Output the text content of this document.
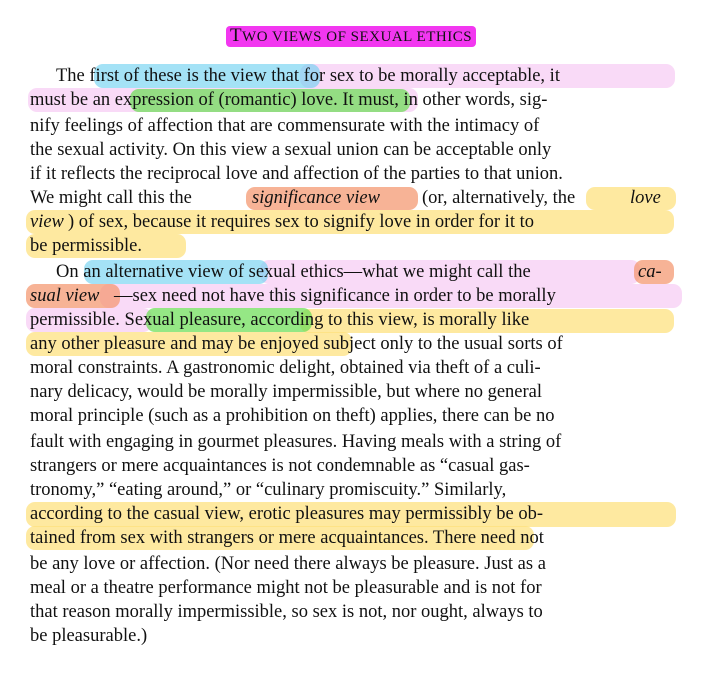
TWO VIEWS OF SEXUAL ETHICS
The first of these is the view that for sex to be morally acceptable, it
must be an expression of (romantic) love. It must, in other words, sig-
nify feelings of affection that are commensurate with the intimacy of
the sexual activity. On this view a sexual union can be acceptable only
if it reflects the reciprocal love and affection of the parties to that union.
We might call this the	significance view (or, alternatively, the	love
view ) of sex, because it requires sex to signify love in order for it to
be permissible.
On an alternative view of sexual ethics—what we might call the	ca-
sual view —sex need not have this significance in order to be morally
permissible. Sexual pleasure, according to this view, is morally like
any other pleasure and may be enjoyed subject only to the usual sorts of
moral constraints. A gastronomic delight, obtained via theft of a culi-
nary delicacy, would be morally impermissible, but where no general
moral principle (such as a prohibition on theft) applies, there can be no
fault with engaging in gourmet pleasures. Having meals with a string of
strangers or mere acquaintances is not condemnable as “casual gas-
tronomy,” “eating around,” or “culinary promiscuity.” Similarly,
according to the casual view, erotic pleasures may permissibly be ob-
tained from sex with strangers or mere acquaintances. There need not
be any love or affection. (Nor need there always be pleasure. Just as a
meal or a theatre performance might not be pleasurable and is not for
that reason morally impermissible, so sex is not, nor ought, always to
be pleasurable.)
